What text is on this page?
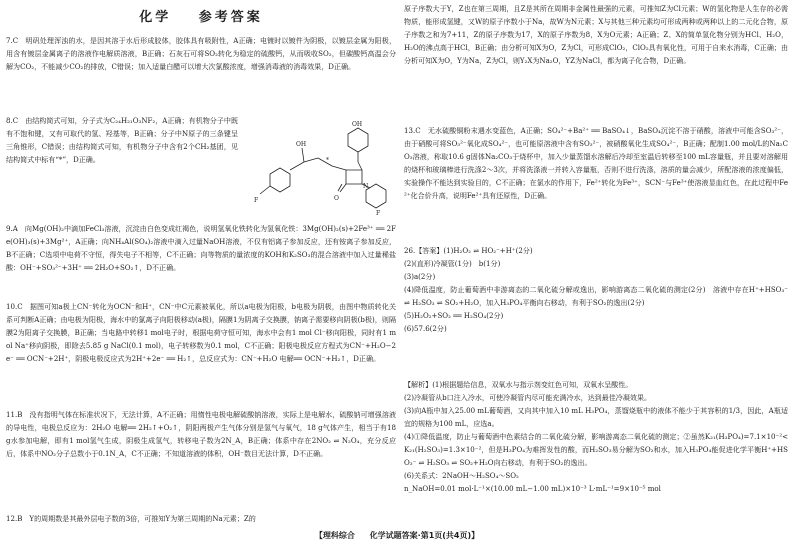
化学 参考答案

7.C　明矾处理浑浊的水，是因其溶于水后形成胶体，胶体具有吸附性，A正确；电镀时以镀件为阴极，以镀层金属为阳极，用含有镀层金属离子的溶液作电解质溶液，B正确；石灰石可将SO₂转化为稳定的硫酸钙，从而吸收SO₂，但碳酸钙高温会分解为CO₂，不能减少CO₂的排放，C错误；加入适量白醋可以增大次氯酸浓度，增强消毒液的消毒效果，D正确。

8.C　由结构简式可知，分子式为C₂₄H₂₁O₃NF₂，A正确；有机物分子中既有不饱和键，又有可取代的氢、羟基等，B正确；分子中N原子的三条键呈三角锥形，C错误；由结构简式可知，有机物分子中含有2个CH₂基团，见结构简式中标有“*”，D正确。

OH
OH
N
O
F
F
*

9.A　向Mg(OH)₂中滴加FeCl₃溶液，沉淀由白色变成红褐色，说明氢氧化铁转化为氢氧化铁：3Mg(OH)₂(s)+2Fe³⁺ ══ 2Fe(OH)₃(s)+3Mg²⁺，A正确；向NH₄Al(SO₄)₂溶液中滴入过量NaOH溶液，不仅有铝离子参加反应，还有铵离子参加反应，B不正确；C选项中电荷不守恒，得失电子不相等，C不正确；向等物质的量浓度的KOH和K₂SO₃的混合溶液中加入过量稀盐酸：OH⁻+SO₃²⁻+3H⁺ ══ 2H₂O+SO₂↑，D不正确。

10.C　据图可知a极上CN⁻转化为OCN⁻和H⁺，CN⁻中C元素被氧化，所以a电极为阳极，b电极为阴极，由图中物质转化关系可判断A正确；由电极为阳极，海水中的氯离子向阳极移动(a极)，隔膜1为阴离子交换膜，钠离子需要移向阴极(b极)，则隔膜2为阳离子交换膜，B正确；当电路中转移1 mol电子时，根据电荷守恒可知，海水中会有1 mol Cl⁻移向阳极，同时有1 mol Na⁺移向阴极，即除去5.85 g NaCl(0.1 mol)，电子转移数为0.1 mol，C不正确；阳极电极反应方程式为CN⁻+H₂O−2e⁻ ══ OCN⁻+2H⁺，阴极电极反应式为2H⁺+2e⁻ ══ H₂↑，总反应式为：CN⁻+H₂O 电解══ OCN⁻+H₂↑，D正确。

11.B　没有指明气体在标准状况下，无法计算，A不正确；用惰性电极电解硫酸钠溶液，实际上是电解水，硫酸钠可增强溶液的导电性，电极总反应为：2H₂O 电解══ 2H₂↑+O₂↑，阴阳两极产生气体分别是氢气与氧气，18 g气体产生，相当于有18 g水参加电解，即有1 mol氢气生成，阴极生成氢气，转移电子数为2N_A，B正确；体系中存在2NO₂ ⇌ N₂O₄，充分反应后，体系中NO₂分子总数小于0.1N_A，C不正确；不知道溶液的体积，OH⁻数目无法计算，D不正确。

12.B　Y的周期数是其最外层电子数的3倍，可推知Y为第三周期的Na元素；Z的

原子序数大于Y，Z也在第三周期，且Z是其所在周期非金属性最强的元素，可推知Z为Cl元素；W的氢化物是人生存的必需物质，能形成氢键，又W的原子序数小于Na，故W为N元素；X与其他三种元素均可形成两种或两种以上的二元化合物，原子序数之和为7+11，Z的原子序数为17，X的原子序数为8，X为O元素；A正确；Z、X的简单氢化物分别为HCl、H₂O，H₂O的沸点高于HCl，B正确；由分析可知X为O，Z为Cl，可形成ClO₂，ClO₂具有氧化性，可用于自来水消毒，C正确；由分析可知X为O，Y为Na，Z为Cl，则Y₂X为Na₂O，YZ为NaCl，都为离子化合物，D正确。

13.C　无水硫酸铜粉末遇水变蓝色，A正确；SO₄²⁻+Ba²⁺ ══ BaSO₄↓，BaSO₄沉淀不溶于硝酸，溶液中可能含SO₃²⁻，由于硝酸可将SO₃²⁻氧化成SO₄²⁻，也可能原溶液中含有SO₃²⁻，被硝酸氧化生成SO₄²⁻，B正确；配制1.00 mol/L的Na₂CO₃溶液，称取10.6 g固体Na₂CO₃于烧杯中，加入少量蒸馏水溶解后冷却至室温后转移至100 mL容量瓶，并且要对溶解用的烧杯和玻璃棒进行洗涤2～3次，并将洗涤液一并转入容量瓶，否则不进行洗涤，溶质的量会减少，所配溶液的浓度偏低，实验操作不能达到实验目的，C不正确；在氯水的作用下，Fe²⁺转化为Fe³⁺，SCN⁻与Fe³⁺使溶液显血红色，在此过程中Fe²⁺化合价升高，说明Fe²⁺具有还原性，D正确。

26.【答案】(1)H₂O₂ ⇌ HO₂⁻+H⁺(2分)
(2)(直形)冷凝管(1分)　b(1分)
(3)a(2分)
(4)降低温度，防止葡萄酒中非游离态的二氧化硫分解或逸出，影响游离态二氧化硫的测定(2分)　溶液中存在H⁺+HSO₃⁻ ⇌ H₂SO₃ ⇌ SO₂+H₂O，加入H₃PO₄平衡向右移动，有利于SO₂的逸出(2分)
(5)H₂O₂+SO₂ ══ H₂SO₄(2分)
(6)57.6(2分)

【解析】(1)根据题给信息，双氧水与指示剂变红色可知，双氧水呈酸性。
(2)冷凝管从b口注入冷水，可使冷凝管内尽可能充满冷水，达到最佳冷凝效果。
(3)向A瓶中加入25.00 mL葡萄酒，又向其中加入10 mL H₃PO₄，蒸馏烧瓶中的液体不能少于其容积的1/3，因此，A瓶适宜的规格为100 mL，应选a。
(4)①降低温度，防止与葡萄酒中色素结合的二氧化硫分解，影响游离态二氧化硫的测定；②虽然K₂₁(H₃PO₄)=7.1×10⁻²<K₂₁(H₂SO₃)=1.3×10⁻²，但是H₃PO₄为难挥发性的酸，而H₂SO₃易分解为SO₂和水，加入H₃PO₄能促进化学平衡H⁺+HSO₃⁻ ⇌ H₂SO₃ ⇌ SO₂+H₂O向右移动，有利于SO₂的逸出。
(6)关系式：2NaOH～H₂SO₄～SO₂
n_NaOH=0.01 mol·L⁻¹×(10.00 mL−1.00 mL)×10⁻³ L·mL⁻¹=9×10⁻⁵ mol

【理科综合 化学试题答案·第1页(共4页)】
